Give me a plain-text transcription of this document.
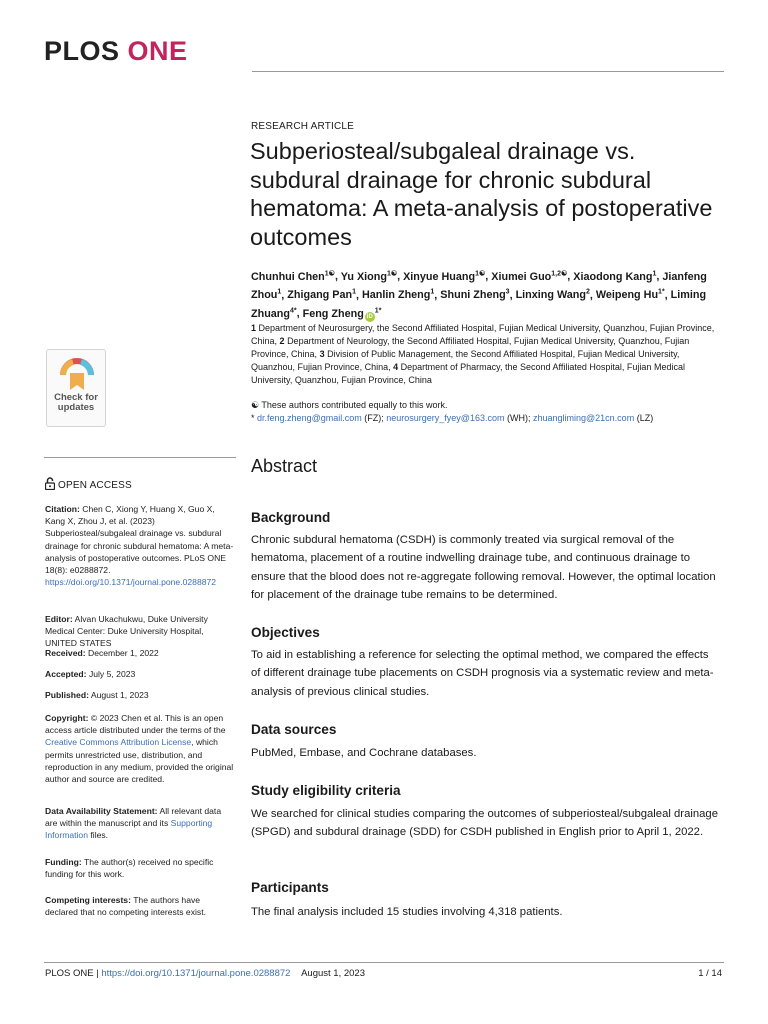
PLOS ONE
RESEARCH ARTICLE
Subperiosteal/subgaleal drainage vs. subdural drainage for chronic subdural hematoma: A meta-analysis of postoperative outcomes
Chunhui Chen$^{1☯}$, Yu Xiong$^{1☯}$, Xinyue Huang$^{1☯}$, Xiumei Guo$^{1,2☯}$, Xiaodong Kang$^1$, Jianfeng Zhou$^1$, Zhigang Pan$^1$, Hanlin Zheng$^1$, Shuni Zheng$^3$, Linxing Wang$^2$, Weipeng $Hu^{1*}$, Liming Zhuang$^{4*}$, Feng Zheng $iD^{1*}$
1 Department of Neurosurgery, the Second Affiliated Hospital, Fujian Medical University, Quanzhou, Fujian Province, China, 2 Department of Neurology, the Second Affiliated Hospital, Fujian Medical University, Quanzhou, Fujian Province, China, 3 Division of Public Management, the Second Affiliated Hospital, Fujian Medical University, Quanzhou, Fujian Province, China, 4 Department of Pharmacy, the Second Affiliated Hospital, Fujian Medical University, Quanzhou, Fujian Province, China
☯ These authors contributed equally to this work.
* dr.feng.zheng@gmail.com (FZ); neurosurgery_fyey@163.com (WH); zhuangliming@21cn.com (LZ)
Check for
updates
OPEN ACCESS
Citation: Chen C, Xiong Y, Huang X, Guo X, Kang X, Zhou J, et al. (2023) Subperiosteal/subgaleal drainage vs. subdural drainage for chronic subdural hematoma: A meta-analysis of postoperative outcomes. PLoS ONE 18(8): e0288872. https://doi.org/10.1371/journal.pone.0288872
Editor: Alvan Ukachukwu, Duke University Medical Center: Duke University Hospital, UNITED STATES
Received: December 1, 2022
Accepted: July 5, 2023
Published: August 1, 2023
Copyright: © 2023 Chen et al. This is an open access article distributed under the terms of the Creative Commons Attribution License, which permits unrestricted use, distribution, and reproduction in any medium, provided the original author and source are credited.
Data Availability Statement: All relevant data are within the manuscript and its Supporting Information files.
Funding: The author(s) received no specific funding for this work.
Competing interests: The authors have declared that no competing interests exist.
Abstract
Background

Chronic subdural hematoma (CSDH) is commonly treated via surgical removal of the hematoma, placement of a routine indwelling drainage tube, and continuous drainage to ensure that the blood does not re-aggregate following removal. However, the optimal location for placement of the drainage tube remains to be determined.

Objectives

To aid in establishing a reference for selecting the optimal method, we compared the effects of different drainage tube placements on CSDH prognosis via a systematic review and meta-analysis of previous clinical studies.

Data sources

PubMed, Embase, and Cochrane databases.

Study eligibility criteria

We searched for clinical studies comparing the outcomes of subperiosteal/subgaleal drainage (SPGD) and subdural drainage (SDD) for CSDH published in English prior to April 1, 2022.

Participants

The final analysis included 15 studies involving 4,318 patients.

PLOS ONE | https://doi.org/10.1371/journal.pone.0288872 August 1, 2023	1 / 14
